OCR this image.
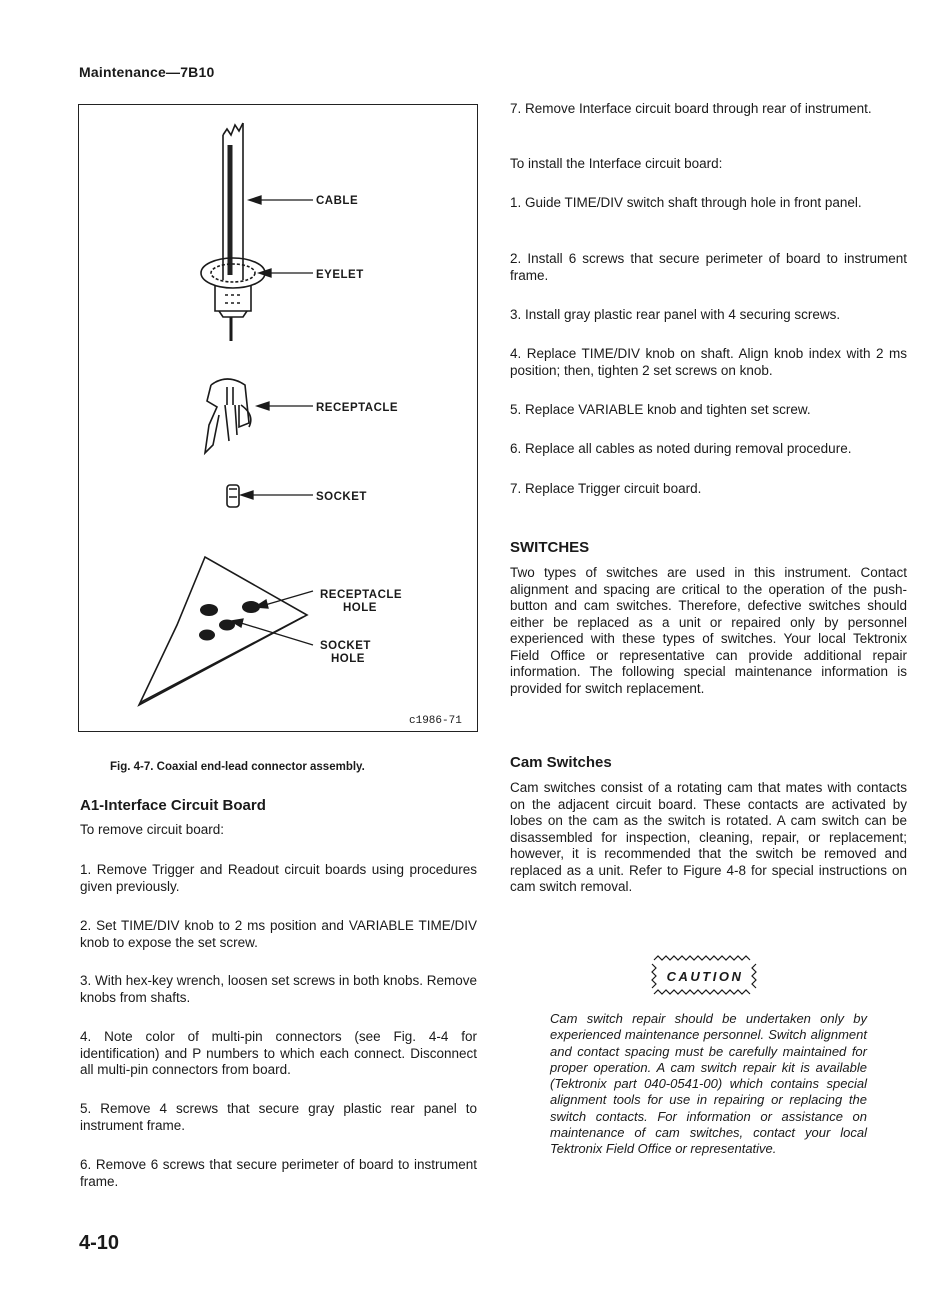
Maintenance—7B10
CABLE
EYELET
RECEPTACLE
SOCKET
RECEPTACLE
HOLE
SOCKET
HOLE
c1986-71
Fig. 4-7. Coaxial end-lead connector assembly.
A1-Interface Circuit Board
To remove circuit board:
1. Remove Trigger and Readout circuit boards using procedures given previously.
2. Set TIME/DIV knob to 2 ms position and VARIABLE TIME/DIV knob to expose the set screw.
3. With hex-key wrench, loosen set screws in both knobs. Remove knobs from shafts.
4. Note color of multi-pin connectors (see Fig. 4-4 for identification) and P numbers to which each connect. Disconnect all multi-pin connectors from board.
5. Remove 4 screws that secure gray plastic rear panel to instrument frame.
6. Remove 6 screws that secure perimeter of board to instrument frame.
7. Remove Interface circuit board through rear of instrument.
To install the Interface circuit board:
1. Guide TIME/DIV switch shaft through hole in front panel.
2. Install 6 screws that secure perimeter of board to instrument frame.
3. Install gray plastic rear panel with 4 securing screws.
4. Replace TIME/DIV knob on shaft. Align knob index with 2 ms position; then, tighten 2 set screws on knob.
5. Replace VARIABLE knob and tighten set screw.
6. Replace all cables as noted during removal procedure.
7. Replace Trigger circuit board.
SWITCHES
Two types of switches are used in this instrument. Contact alignment and spacing are critical to the operation of the push-button and cam switches. Therefore, defective switches should either be replaced as a unit or repaired only by personnel experienced with these types of switches. Your local Tektronix Field Office or representative can provide additional repair information. The following special maintenance information is provided for switch replacement.
Cam Switches
Cam switches consist of a rotating cam that mates with contacts on the adjacent circuit board. These contacts are activated by lobes on the cam as the switch is rotated. A cam switch can be disassembled for inspection, cleaning, repair, or replacement; however, it is recommended that the switch be removed and replaced as a unit. Refer to Figure 4-8 for special instructions on cam switch removal.
CAUTION
Cam switch repair should be undertaken only by experienced maintenance personnel. Switch alignment and contact spacing must be carefully maintained for proper operation. A cam switch repair kit is available (Tektronix part 040-0541-00) which contains special alignment tools for use in repairing or replacing the switch contacts. For information or assistance on maintenance of cam switches, contact your local Tektronix Field Office or representative.
4-10
